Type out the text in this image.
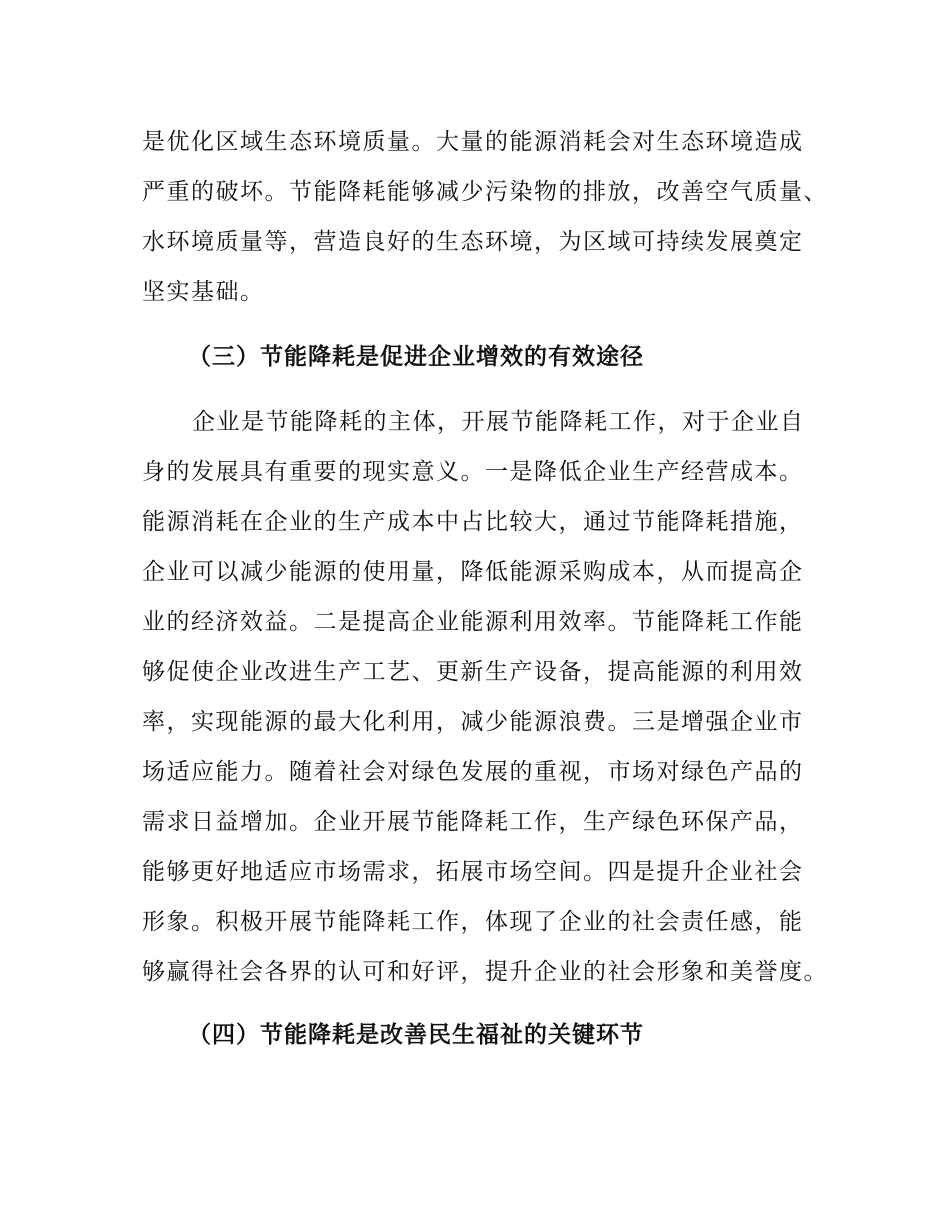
是优化区域生态环境质量。大量的能源消耗会对生态环境造成
严重的破坏。节能降耗能够减少污染物的排放，改善空气质量、
水环境质量等，营造良好的生态环境，为区域可持续发展奠定
坚实基础。
（三）节能降耗是促进企业增效的有效途径
企业是节能降耗的主体，开展节能降耗工作，对于企业自
身的发展具有重要的现实意义。一是降低企业生产经营成本。
能源消耗在企业的生产成本中占比较大，通过节能降耗措施，
企业可以减少能源的使用量，降低能源采购成本，从而提高企
业的经济效益。二是提高企业能源利用效率。节能降耗工作能
够促使企业改进生产工艺、更新生产设备，提高能源的利用效
率，实现能源的最大化利用，减少能源浪费。三是增强企业市
场适应能力。随着社会对绿色发展的重视，市场对绿色产品的
需求日益增加。企业开展节能降耗工作，生产绿色环保产品，
能够更好地适应市场需求，拓展市场空间。四是提升企业社会
形象。积极开展节能降耗工作，体现了企业的社会责任感，能
够赢得社会各界的认可和好评，提升企业的社会形象和美誉度。
（四）节能降耗是改善民生福祉的关键环节
